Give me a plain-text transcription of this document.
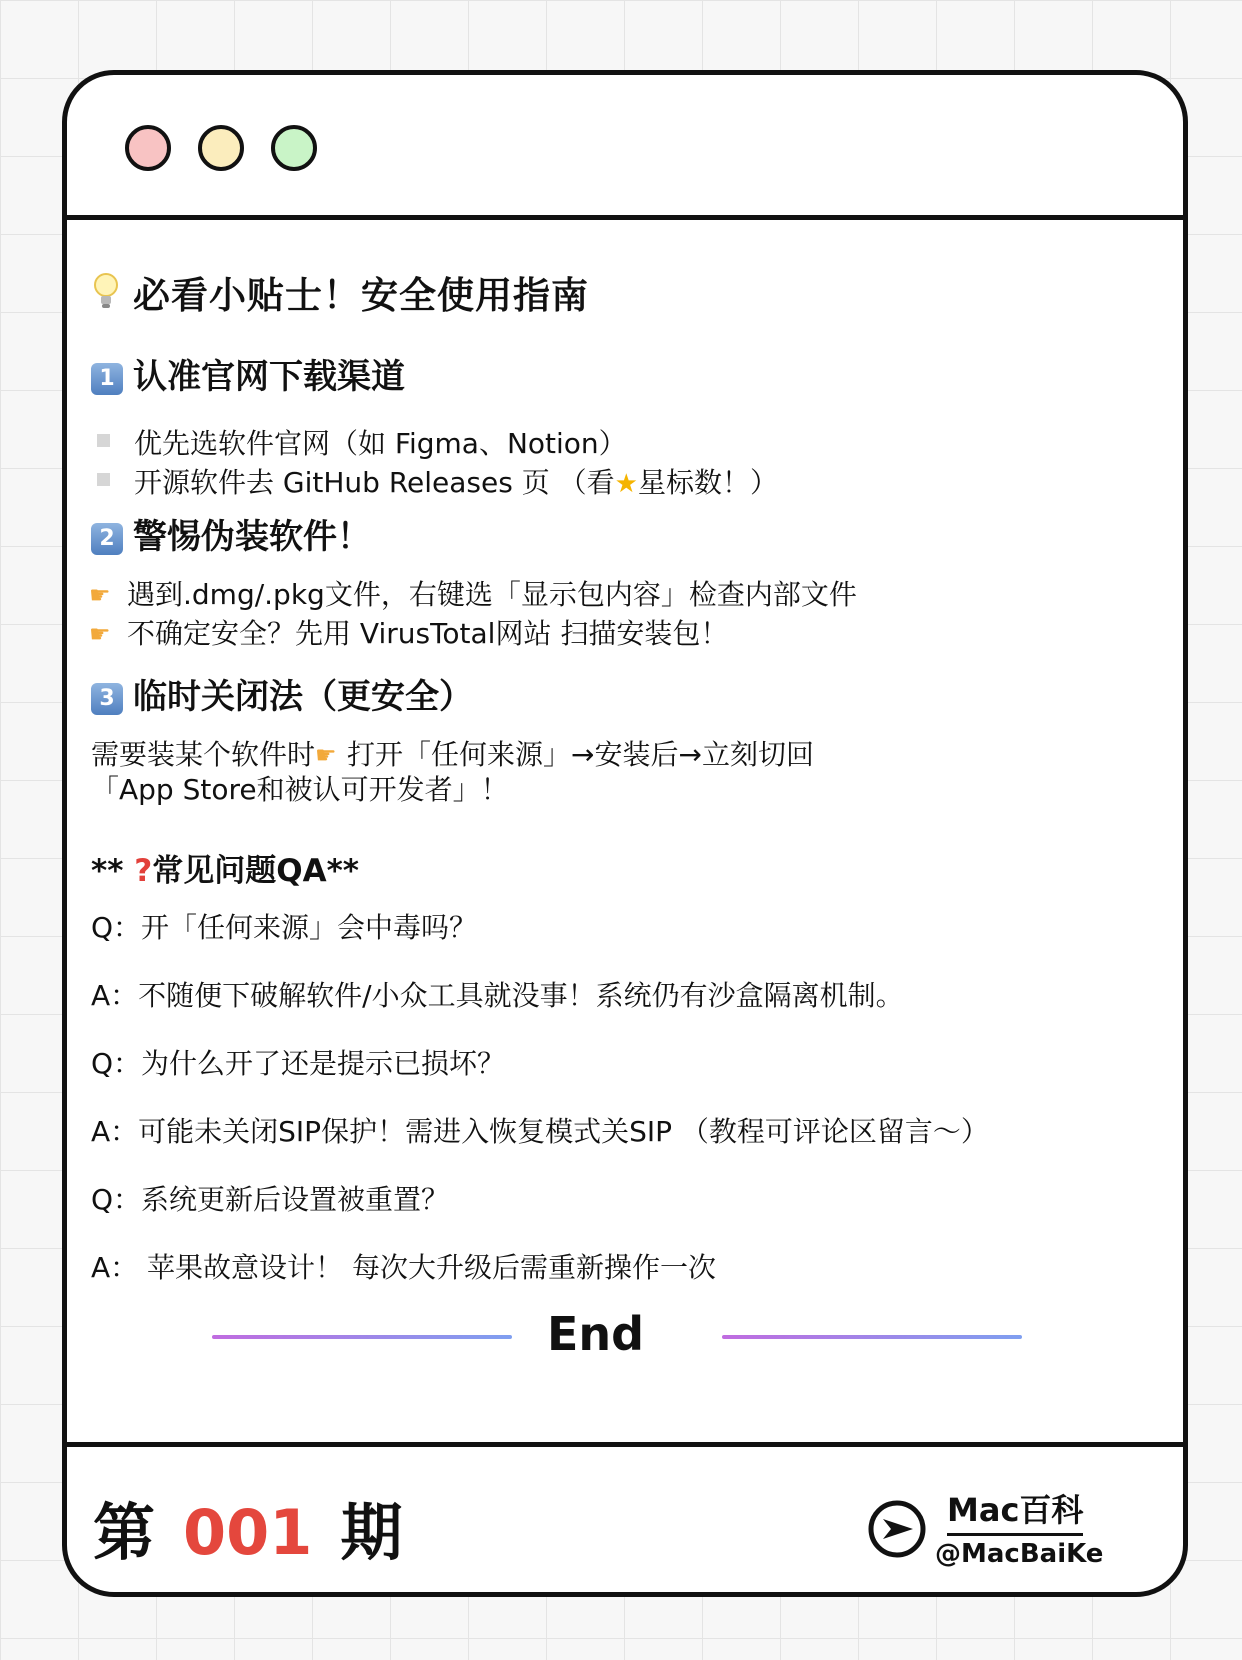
必看小贴士！安全使用指南
1 认准官网下载渠道
优先选软件官网（如 Figma、Notion）
开源软件去 GitHub Releases 页 （看★星标数！）
2 警惕伪装软件！
☛ 遇到.dmg/.pkg文件，右键选「显示包内容」检查内部文件
☛ 不确定安全？先用 VirusTotal网站 扫描安装包！
3 临时关闭法（更安全）
需要装某个软件时☛ 打开「任何来源」→安装后→立刻切回
「App Store和被认可开发者」！
** ?常见问题QA**
Q：开「任何来源」会中毒吗？
A：不随便下破解软件/小众工具就没事！系统仍有沙盒隔离机制。
Q：为什么开了还是提示已损坏？
A：可能未关闭SIP保护！需进入恢复模式关SIP （教程可评论区留言～）
Q：系统更新后设置被重置？
A： 苹果故意设计！ 每次大升级后需重新操作一次
End
第 001 期	Mac百科
@MacBaiKe
